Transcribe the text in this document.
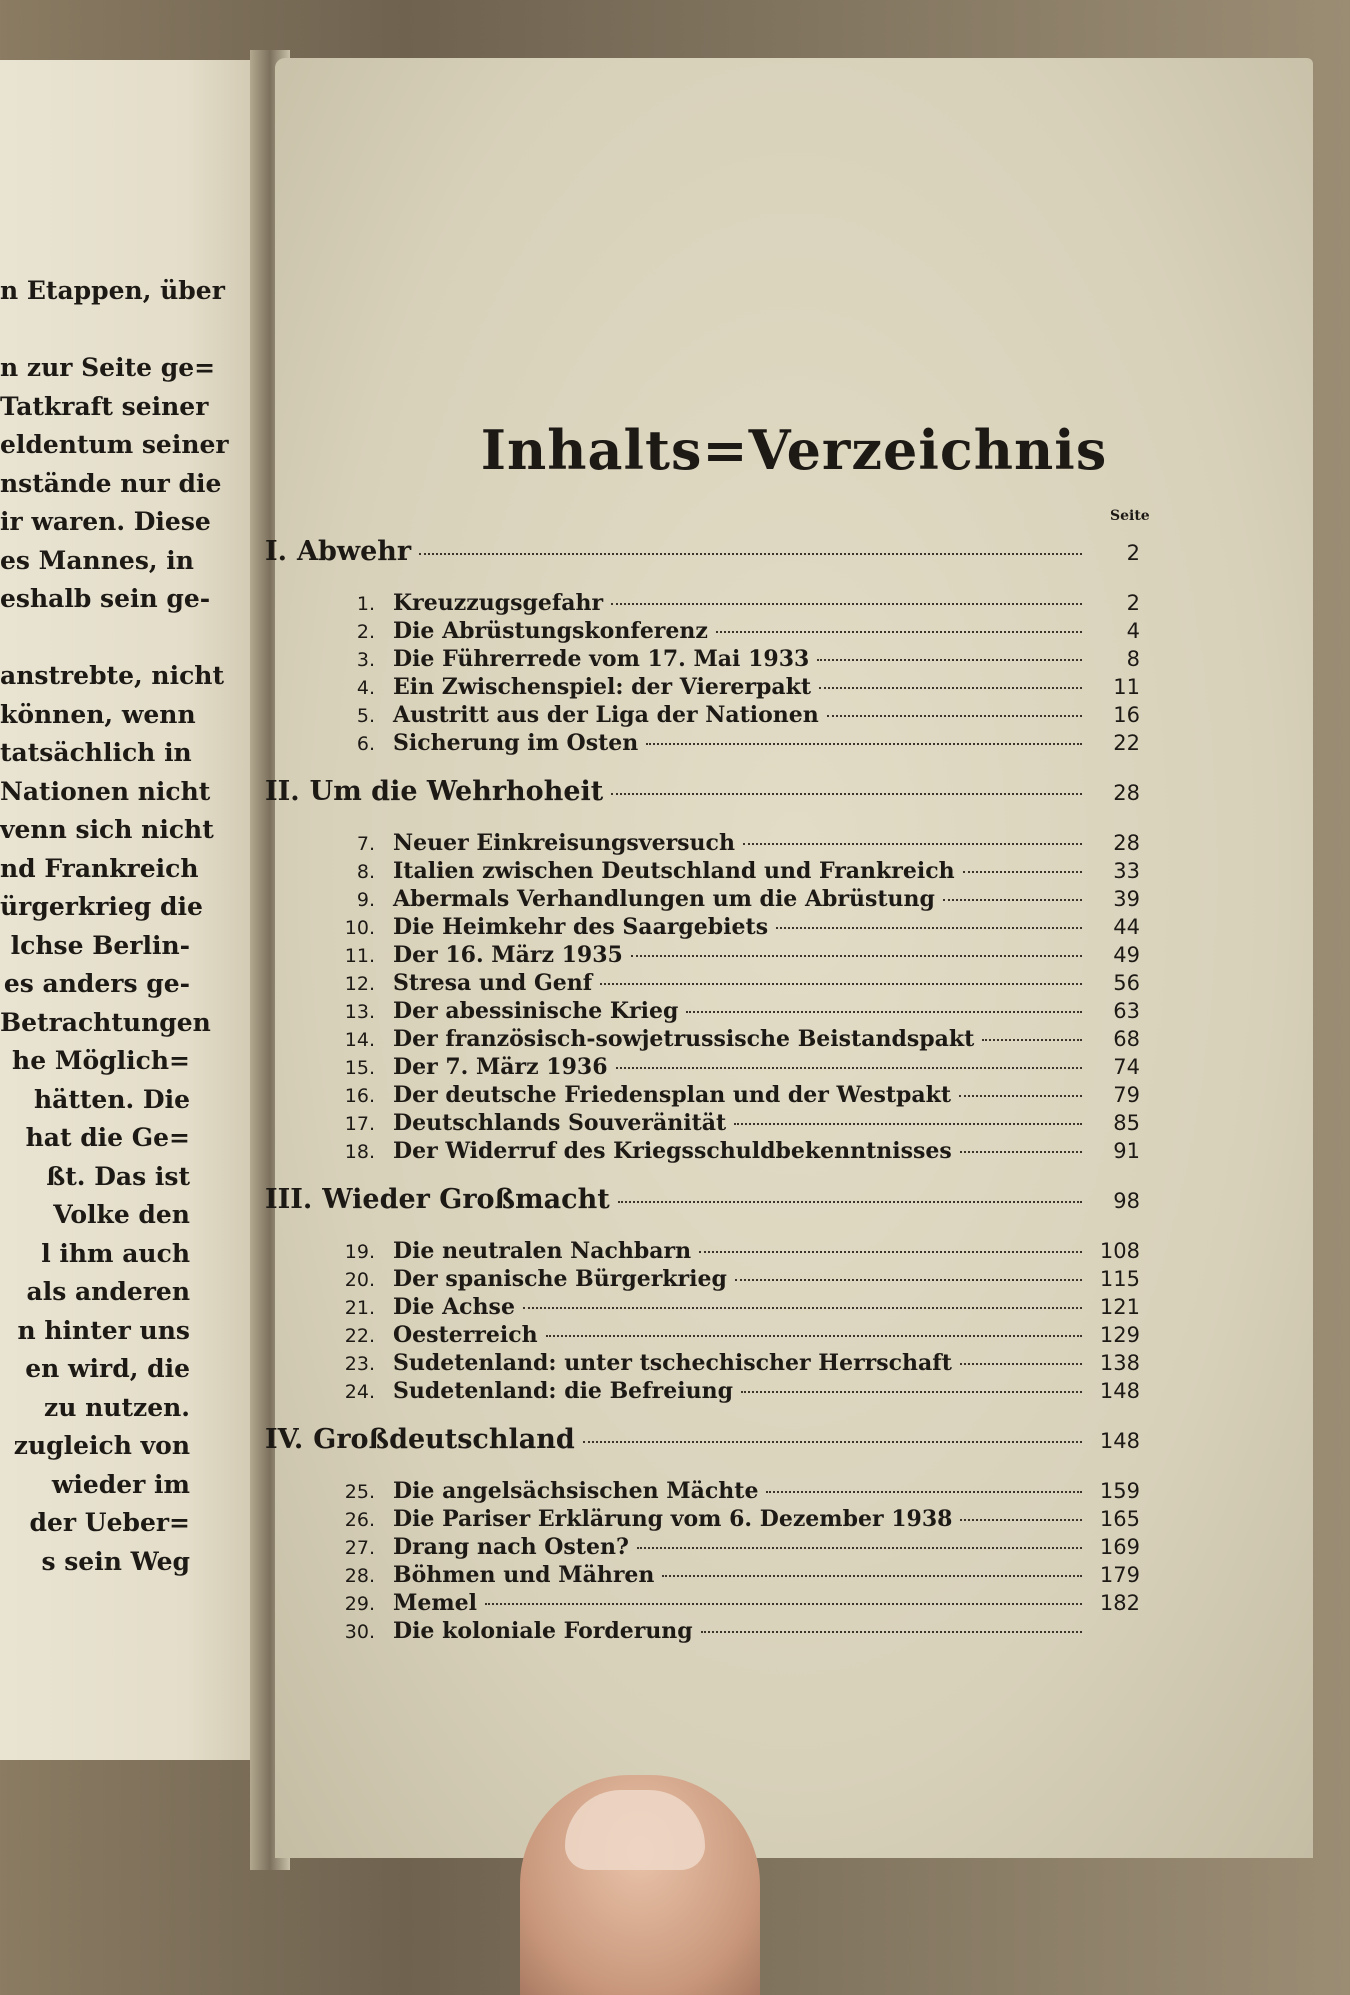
n Etappen, über

n zur Seite ge=
Tatkraft seiner
eldentum seiner
nstände nur die
ir waren. Diese
es Mannes, in
eshalb sein ge-

anstrebte, nicht
können, wenn
tatsächlich in
Nationen nicht
venn sich nicht
nd Frankreich
ürgerkrieg die
lchse Berlin-
es anders ge-
Betrachtungen
he Möglich=
hätten. Die
hat die Ge=
ßt. Das ist
Volke den
l ihm auch
als anderen
n hinter uns
en wird, die
zu nutzen.
zugleich von
wieder im
der Ueber=
s sein Weg
Inhalts=Verzeichnis
Seite
I. Abwehr	2
1. Kreuzzugsgefahr	2
2. Die Abrüstungskonferenz	4
3. Die Führerrede vom 17. Mai 1933	8
4. Ein Zwischenspiel: der Viererpakt	11
5. Austritt aus der Liga der Nationen	16
6. Sicherung im Osten	22
II. Um die Wehrhoheit	28
7. Neuer Einkreisungsversuch	28
8. Italien zwischen Deutschland und Frankreich	33
9. Abermals Verhandlungen um die Abrüstung	39
10. Die Heimkehr des Saargebiets	44
11. Der 16. März 1935	49
12. Stresa und Genf	56
13. Der abessinische Krieg	63
14. Der französisch-sowjetrussische Beistandspakt	68
15. Der 7. März 1936	74
16. Der deutsche Friedensplan und der Westpakt	79
17. Deutschlands Souveränität	85
18. Der Widerruf des Kriegsschuldbekenntnisses	91
III. Wieder Großmacht	98
19. Die neutralen Nachbarn	108
20. Der spanische Bürgerkrieg	115
21. Die Achse	121
22. Oesterreich	129
23. Sudetenland: unter tschechischer Herrschaft	138
24. Sudetenland: die Befreiung	148
IV. Großdeutschland	148
25. Die angelsächsischen Mächte	159
26. Die Pariser Erklärung vom 6. Dezember 1938	165
27. Drang nach Osten?	169
28. Böhmen und Mähren	179
29. Memel	182
30. Die koloniale Forderung
